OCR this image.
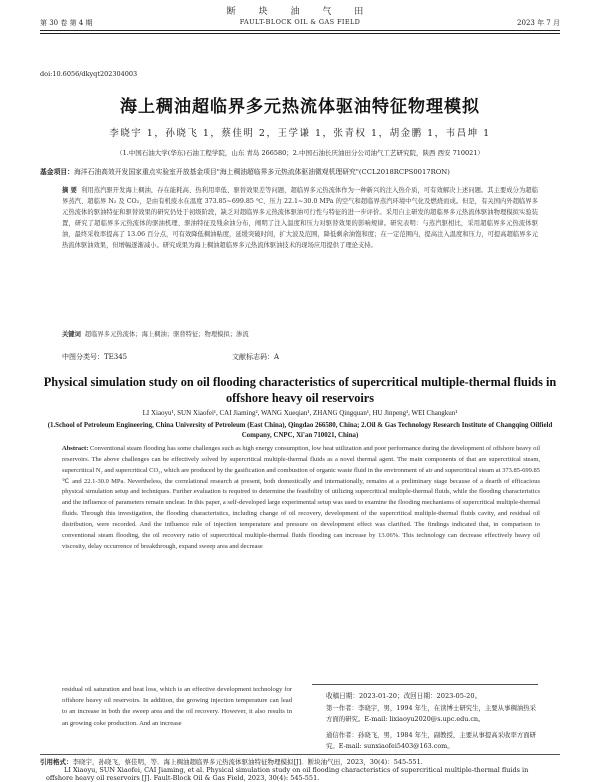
断 块 油 气 田
第 30 卷 第 4 期	FAULT-BLOCK OIL & GAS FIELD	2023 年 7 月
doi:10.6056/dkyqt202304003
海上稠油超临界多元热流体驱油特征物理模拟
李晓宇 1，孙晓飞 1，蔡佳明 2，王学谦 1，张青权 1，胡金鹏 1，韦昌坤 1
（1.中国石油大学(华东)石油工程学院，山东 青岛 266580；2.中国石油长庆油田分公司油气工艺研究院，陕西 西安 710021）
基金项目：海洋石油高效开发国家重点实验室开放基金项目"海上稠油超临界多元热流体驱油微观机理研究"(CCL2018RCPS0017RON)
摘 要 利用蒸汽驱开发海上稠油，存在能耗高、热利用率低、驱替效果差等问题，超临界多元热流体作为一种新兴的注入热介质，可有效解决上述问题。其主要成分为超临界蒸汽、超临界 N₂ 及 CO₂，是由有机废水在温度 373.85~699.85 ℃、压力 22.1~30.0 MPa 的空气和超临界蒸汽环境中气化及燃烧而成。但是，有关国内外超临界多元热流体的驱油特征和驱替效果的研究仍处于初级阶段，缺乏对超临界多元热流体驱油可行性与特征的进一步评价。采用自主研发的超临界多元热流体驱油物理模拟实验装置，研究了超临界多元热流体的驱油机理、驱油特征及残余油分布，阐明了注入温度和压力对驱替效果的影响规律。研究表明：与蒸汽驱相比，采用超临界多元热流体驱油，最终采收率提高了 13.06 百分点，可有效降低稠油粘度，延缓突破时间，扩大波及范围，降低剩余油饱和度；在一定范围内，提高注入温度和压力，可提高超临界多元热流体驱油效果，但增幅逐渐减小。研究成果为海上稠油超临界多元热流体驱油技术的现场应用提供了理论支持。
关键词 超临界多元热流体；海上稠油；驱替特征；物理模拟；渗流
中图分类号：TE345	文献标志码：A
Physical simulation study on oil flooding characteristics of supercritical multiple-thermal fluids in offshore heavy oil reservoirs
LI Xiaoyu¹, SUN Xiaofei¹, CAI Jiaming², WANG Xueqian¹, ZHANG Qingquan¹, HU Jinpeng¹, WEI Changkun¹
(1.School of Petroleum Engineering, China University of Petroleum (East China), Qingdao 266580, China; 2.Oil & Gas Technology Research Institute of Changqing Oilfield Company, CNPC, Xi'an 710021, China)
Abstract: Conventional steam flooding has some challenges such as high energy consumption, low heat utilization and poor performance during the development of offshore heavy oil reservoirs. The above challenges can be effectively solved by supercritical multiple-thermal fluids as a novel thermal agent. The main components of that are supercritical steam, supercritical N₂ and supercritical CO₂, which are produced by the gasification and combustion of organic waste fluid in the environment of air and supercritical steam at 373.85-699.85 ℃ and 22.1-30.0 MPa. Nevertheless, the correlational research at present, both domestically and internationally, remains at a preliminary stage because of a dearth of efficacious physical simulation setup and techniques. Further evaluation is required to determine the feasibility of utilizing supercritical multiple-thermal fluids, while the flooding characteristics and the influence of parameters remain unclear. In this paper, a self-developed large experimental setup was used to examine the flooding mechanisms of supercritical multiple-thermal fluids. Through this investigation, the flooding characteristics, including change of oil recovery, development of the supercritical multiple-thermal fluids cavity, and residual oil distribution, were recorded. And the influence rule of injection temperature and pressure on development effect was clarified. The findings indicated that, in comparison to conventional steam flooding, the oil recovery ratio of supercritical multiple-thermal fluids flooding can increase by 13.06%. This technology can decrease effectively heavy oil viscosity, delay occurrence of breakthrough, expand sweep area and decrease
residual oil saturation and heat loss, which is an effective development technology for offshore heavy oil reservoirs. In addition, the growing injection temperature can lead to an increase in both the sweep area and the oil recovery. However, it also results in an growing coke production. And an increase
收稿日期：2023-01-20；改回日期：2023-05-20。
第一作者：李晓宇，男，1994 年生，在读博士研究生，主要从事稠油热采方面的研究。E-mail: lixiaoyu2020@s.upc.edu.cn。
通信作者：孙晓飞，男，1984 年生，副教授，主要从事提高采收率方面研究。E-mail: sunxiaofei5403@163.com。
引用格式：李晓宇，孙晓飞，蔡佳明，等．海上稠油超临界多元热流体驱油特征物理模拟[J]．断块油气田，2023，30(4)：545-551.
LI Xiaoyu, SUN Xiaofei, CAI Jiaming, et al. Physical simulation study on oil flooding characteristics of supercritical multiple-thermal fluids in
offshore heavy oil reservoirs [J]. Fault-Block Oil & Gas Field, 2023, 30(4): 545-551.
